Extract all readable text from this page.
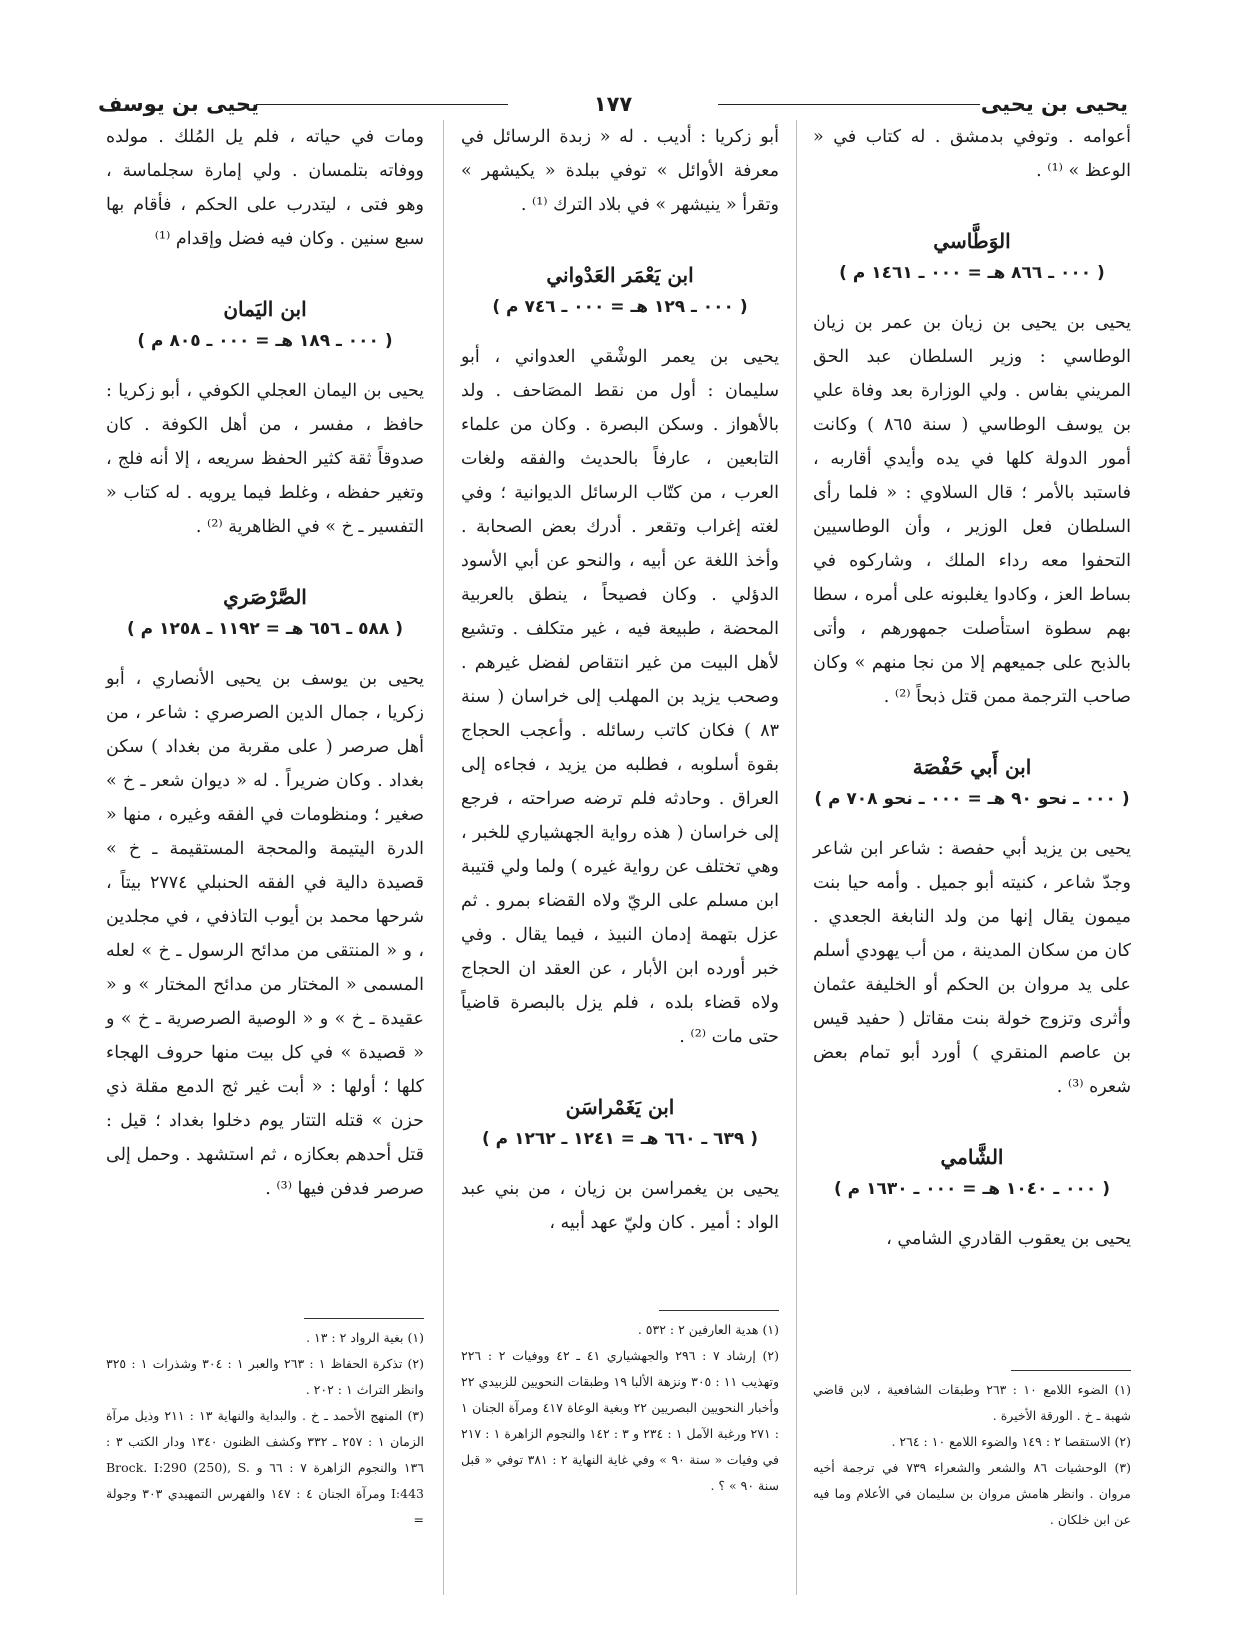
يحيى بن يحيى
١٧٧
يحيى بن يوسف

أعوامه . وتوفي بدمشق . له كتاب في « الوعظ » ⁽¹⁾ .

الوَطَّاسي
( ٠٠٠ ـ ٨٦٦ هـ = ٠٠٠ ـ ١٤٦١ م )

يحيى بن يحيى بن زيان بن عمر بن زيان الوطاسي : وزير السلطان عبد الحق المريني بفاس . ولي الوزارة بعد وفاة علي بن يوسف الوطاسي ( سنة ٨٦٥ ) وكانت أمور الدولة كلها في يده وأيدي أقاربه ، فاستبد بالأمر ؛ قال السلاوي : « فلما رأى السلطان فعل الوزير ، وأن الوطاسيين التحفوا معه رداء الملك ، وشاركوه في بساط العز ، وكادوا يغلبونه على أمره ، سطا بهم سطوة استأصلت جمهورهم ، وأتى بالذبح على جميعهم إلا من نجا منهم » وكان صاحب الترجمة ممن قتل ذبحاً ⁽²⁾ .

ابن أَبي حَفْصَة
( ٠٠٠ ـ نحو ٩٠ هـ = ٠٠٠ ـ نحو ٧٠٨ م )

يحيى بن يزيد أبي حفصة : شاعر ابن شاعر وجدّ شاعر ، كنيته أبو جميل . وأمه حيا بنت ميمون يقال إنها من ولد النابغة الجعدي . كان من سكان المدينة ، من أب يهودي أسلم على يد مروان بن الحكم أو الخليفة عثمان وأثرى وتزوج خولة بنت مقاتل ( حفيد قيس بن عاصم المنقري ) أورد أبو تمام بعض شعره ⁽³⁾ .

الشَّامي
( ٠٠٠ ـ ١٠٤٠ هـ = ٠٠٠ ـ ١٦٣٠ م )

يحيى بن يعقوب القادري الشامي ،

(١) الضوء اللامع ١٠ : ٢٦٣ وطبقات الشافعية ، لابن قاضي شهبة ـ خ . الورقة الأخيرة .

(٢) الاستقصا ٢ : ١٤٩ والضوء اللامع ١٠ : ٢٦٤ .

(٣) الوحشيات ٨٦ والشعر والشعراء ٧٣٩ في ترجمة أخيه مروان . وانظر هامش مروان بن سليمان في الأعلام وما فيه عن ابن خلكان .

أبو زكريا : أديب . له « زبدة الرسائل في معرفة الأوائل » توفي ببلدة « يكيشهر » وتقرأ « ينيشهر » في بلاد الترك ⁽¹⁾ .

ابن يَعْمَر العَدْواني
( ٠٠٠ ـ ١٢٩ هـ = ٠٠٠ ـ ٧٤٦ م )

يحيى بن يعمر الوشْقي العدواني ، أبو سليمان : أول من نقط المصَاحف . ولد بالأهواز . وسكن البصرة . وكان من علماء التابعين ، عارفاً بالحديث والفقه ولغات العرب ، من كتّاب الرسائل الديوانية ؛ وفي لغته إغراب وتقعر . أدرك بعض الصحابة . وأخذ اللغة عن أبيه ، والنحو عن أبي الأسود الدؤلي . وكان فصيحاً ، ينطق بالعربية المحضة ، طبيعة فيه ، غير متكلف . وتشيع لأهل البيت من غير انتقاص لفضل غيرهم . وصحب يزيد بن المهلب إلى خراسان ( سنة ٨٣ ) فكان كاتب رسائله . وأعجب الحجاج بقوة أسلوبه ، فطلبه من يزيد ، فجاءه إلى العراق . وحادثه فلم ترضه صراحته ، فرجع إلى خراسان ( هذه رواية الجهشياري للخبر ، وهي تختلف عن رواية غيره ) ولما ولي قتيبة ابن مسلم على الريّ ولاه القضاء بمرو . ثم عزل بتهمة إدمان النبيذ ، فيما يقال . وفي خبر أورده ابن الأبار ، عن العقد ان الحجاج ولاه قضاء بلده ، فلم يزل بالبصرة قاضياً حتى مات ⁽²⁾ .

ابن يَغَمْراسَن
( ٦٣٩ ـ ٦٦٠ هـ = ١٢٤١ ـ ١٢٦٢ م )

يحيى بن يغمراسن بن زيان ، من بني عبد الواد : أمير . كان وليّ عهد أبيه ،

(١) هدية العارفين ٢ : ٥٣٢ .

(٢) إرشاد ٧ : ٢٩٦ والجهشياري ٤١ ـ ٤٢ ووفيات ٢ : ٢٢٦ وتهذيب ١١ : ٣٠٥ ونزهة الألبا ١٩ وطبقات النحويين للزبيدي ٢٢ وأخبار النحويين البصريين ٢٢ وبغية الوعاة ٤١٧ ومرآة الجنان ١ : ٢٧١ ورغبة الآمل ١ : ٢٣٤ و ٣ : ١٤٢ والنجوم الزاهرة ١ : ٢١٧ في وفيات « سنة ٩٠ » وفي غاية النهاية ٢ : ٣٨١ توفي « قبل سنة ٩٠ » ؟ .

ومات في حياته ، فلم يل المُلك . مولده ووفاته بتلمسان . ولي إمارة سجلماسة ، وهو فتى ، ليتدرب على الحكم ، فأقام بها سبع سنين . وكان فيه فضل وإقدام ⁽¹⁾

ابن اليَمان
( ٠٠٠ ـ ١٨٩ هـ = ٠٠٠ ـ ٨٠٥ م )

يحيى بن اليمان العجلي الكوفي ، أبو زكريا : حافظ ، مفسر ، من أهل الكوفة . كان صدوقاً ثقة كثير الحفظ سريعه ، إلا أنه فلج ، وتغير حفظه ، وغلط فيما يرويه . له كتاب « التفسير ـ خ » في الظاهرية ⁽²⁾ .

الصَّرْصَري
( ٥٨٨ ـ ٦٥٦ هـ = ١١٩٢ ـ ١٢٥٨ م )

يحيى بن يوسف بن يحيى الأنصاري ، أبو زكريا ، جمال الدين الصرصري : شاعر ، من أهل صرصر ( على مقربة من بغداد ) سكن بغداد . وكان ضريراً . له « ديوان شعر ـ خ » صغير ؛ ومنظومات في الفقه وغيره ، منها « الدرة اليتيمة والمحجة المستقيمة ـ خ » قصيدة دالية في الفقه الحنبلي ٢٧٧٤ بيتاً ، شرحها محمد بن أيوب التاذفي ، في مجلدين ، و « المنتقى من مدائح الرسول ـ خ » لعله المسمى « المختار من مدائح المختار » و « عقيدة ـ خ » و « الوصية الصرصرية ـ خ » و « قصيدة » في كل بيت منها حروف الهجاء كلها ؛ أولها : « أبت غير ثج الدمع مقلة ذي حزن » قتله التتار يوم دخلوا بغداد ؛ قيل : قتل أحدهم بعكازه ، ثم استشهد . وحمل إلى صرصر فدفن فيها ⁽³⁾ .

(١) بغية الرواد ٢ : ١٣ .

(٢) تذكرة الحفاظ ١ : ٢٦٣ والعبر ١ : ٣٠٤ وشذرات ١ : ٣٢٥ وانظر التراث ١ : ٢٠٢ .

(٣) المنهج الأحمد ـ خ . والبداية والنهاية ١٣ : ٢١١ وذيل مرآة الزمان ١ : ٢٥٧ ـ ٣٣٢ وكشف الظنون ١٣٤٠ ودار الكتب ٣ : ١٣٦ والنجوم الزاهرة ٧ : ٦٦ و Brock. I:290 (250), S. I:443 ومرآة الجنان ٤ : ١٤٧ والفهرس التمهيدي ٣٠٣ وجولة =
